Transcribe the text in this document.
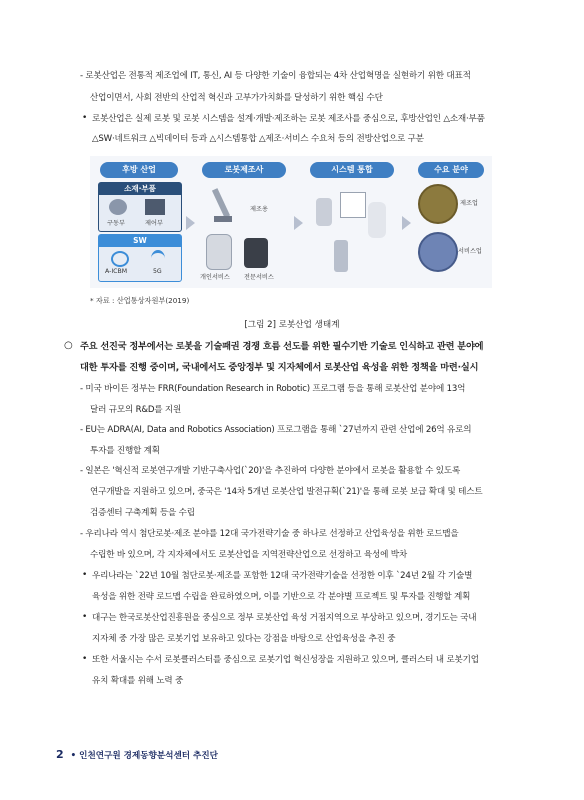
- 로봇산업은 전통적 제조업에 IT, 통신, AI 등 다양한 기술이 융합되는 4차 산업혁명을 실현하기 위한 대표적
산업이면서, 사회 전반의 산업적 혁신과 고부가가치화를 달성하기 위한 핵심 수단
• 로봇산업은 실제 로봇 및 로봇 시스템을 설계·개발·제조하는 로봇 제조사를 중심으로, 후방산업인 △소재·부품
△SW·네트워크 △빅데이터 등과 △시스템통합 △제조·서비스 수요처 등의 전방산업으로 구분
후방 산업
소재·부품
구동부	제어부
SW
A-ICBM	5G
로봇제조사
제조용
개인서비스 전문서비스
시스템 통합	수요 분야
제조업
서비스업
* 자료 : 산업통상자원부(2019)
[그림 2] 로봇산업 생태계
○ 주요 선진국 정부에서는 로봇을 기술패권 경쟁 흐름 선도를 위한 필수기반 기술로 인식하고 관련 분야에
대한 투자를 진행 중이며, 국내에서도 중앙정부 및 지자체에서 로봇산업 육성을 위한 정책을 마련·실시
- 미국 바이든 정부는 FRR(Foundation Research in Robotic) 프로그램 등을 통해 로봇산업 분야에 13억
달러 규모의 R&D를 지원
- EU는 ADRA(AI, Data and Robotics Association) 프로그램을 통해 `27년까지 관련 산업에 26억 유로의
투자를 진행할 계획
- 일본은 '혁신적 로봇연구개발 기반구축사업(`20)'을 추진하여 다양한 분야에서 로봇을 활용할 수 있도록
연구개발을 지원하고 있으며, 중국은 '14차 5개년 로봇산업 발전규획(`21)'을 통해 로봇 보급 확대 및 테스트
검증센터 구축계획 등을 수립
- 우리나라 역시 첨단로봇·제조 분야를 12대 국가전략기술 중 하나로 선정하고 산업육성을 위한 로드맵을
수립한 바 있으며, 각 지자체에서도 로봇산업을 지역전략산업으로 선정하고 육성에 박차
• 우리나라는 `22년 10월 첨단로봇·제조를 포함한 12대 국가전략기술을 선정한 이후 `24년 2월 각 기술별
육성을 위한 전략 로드맵 수립을 완료하였으며, 이를 기반으로 각 분야별 프로젝트 및 투자를 진행할 계획
• 대구는 한국로봇산업진흥원을 중심으로 정부 로봇산업 육성 거점지역으로 부상하고 있으며, 경기도는 국내
지자체 중 가장 많은 로봇기업 보유하고 있다는 강점을 바탕으로 산업육성을 추진 중
• 또한 서울시는 수서 로봇클러스터를 중심으로 로봇기업 혁신성장을 지원하고 있으며, 클러스터 내 로봇기업
유치 확대를 위해 노력 중
2 • 인천연구원 경제동향분석센터 추진단
